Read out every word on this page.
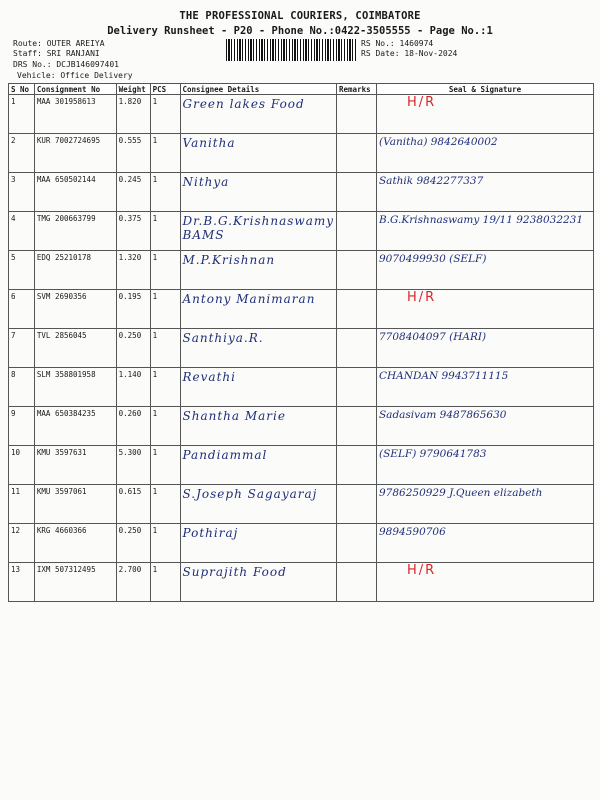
THE PROFESSIONAL COURIERS, COIMBATORE
Delivery Runsheet - P20 - Phone No.:0422-3505555 - Page No.:1
Route: OUTER AREIYA
Staff: SRI RANJANI
DRS No.: DCJB146097401
Vehicle: Office Delivery
RS No.: 1460974
RS Date: 18-Nov-2024
S No	Consignment No	Weight	PCS	Consignee Details	Remarks	Seal & Signature
1	MAA 301958613	1.820	1	Green lakes Food		H/R
2	KUR 7002724695	0.555	1	Vanitha		(Vanitha) 9842640002
3	MAA 650502144	0.245	1	Nithya		Sathik 9842277337
4	TMG 200663799	0.375	1	Dr.B.G.Krishnaswamy BAMS		B.G.Krishnaswamy 19/11 9238032231
5	EDQ 25210178	1.320	1	M.P.Krishnan		9070499930 (SELF)
6	SVM 2690356	0.195	1	Antony Manimaran		H/R
7	TVL 2856045	0.250	1	Santhiya.R.		7708404097 (HARI)
8	SLM 358801958	1.140	1	Revathi		CHANDAN 9943711115
9	MAA 650384235	0.260	1	Shantha Marie		Sadasivam 9487865630
10	KMU 3597631	5.300	1	Pandiammal		(SELF) 9790641783
11	KMU 3597061	0.615	1	S.Joseph Sagayaraj		9786250929 J.Queen elizabeth
12	KRG 4660366	0.250	1	Pothiraj		9894590706
13	IXM 507312495	2.700	1	Suprajith Food		H/R
